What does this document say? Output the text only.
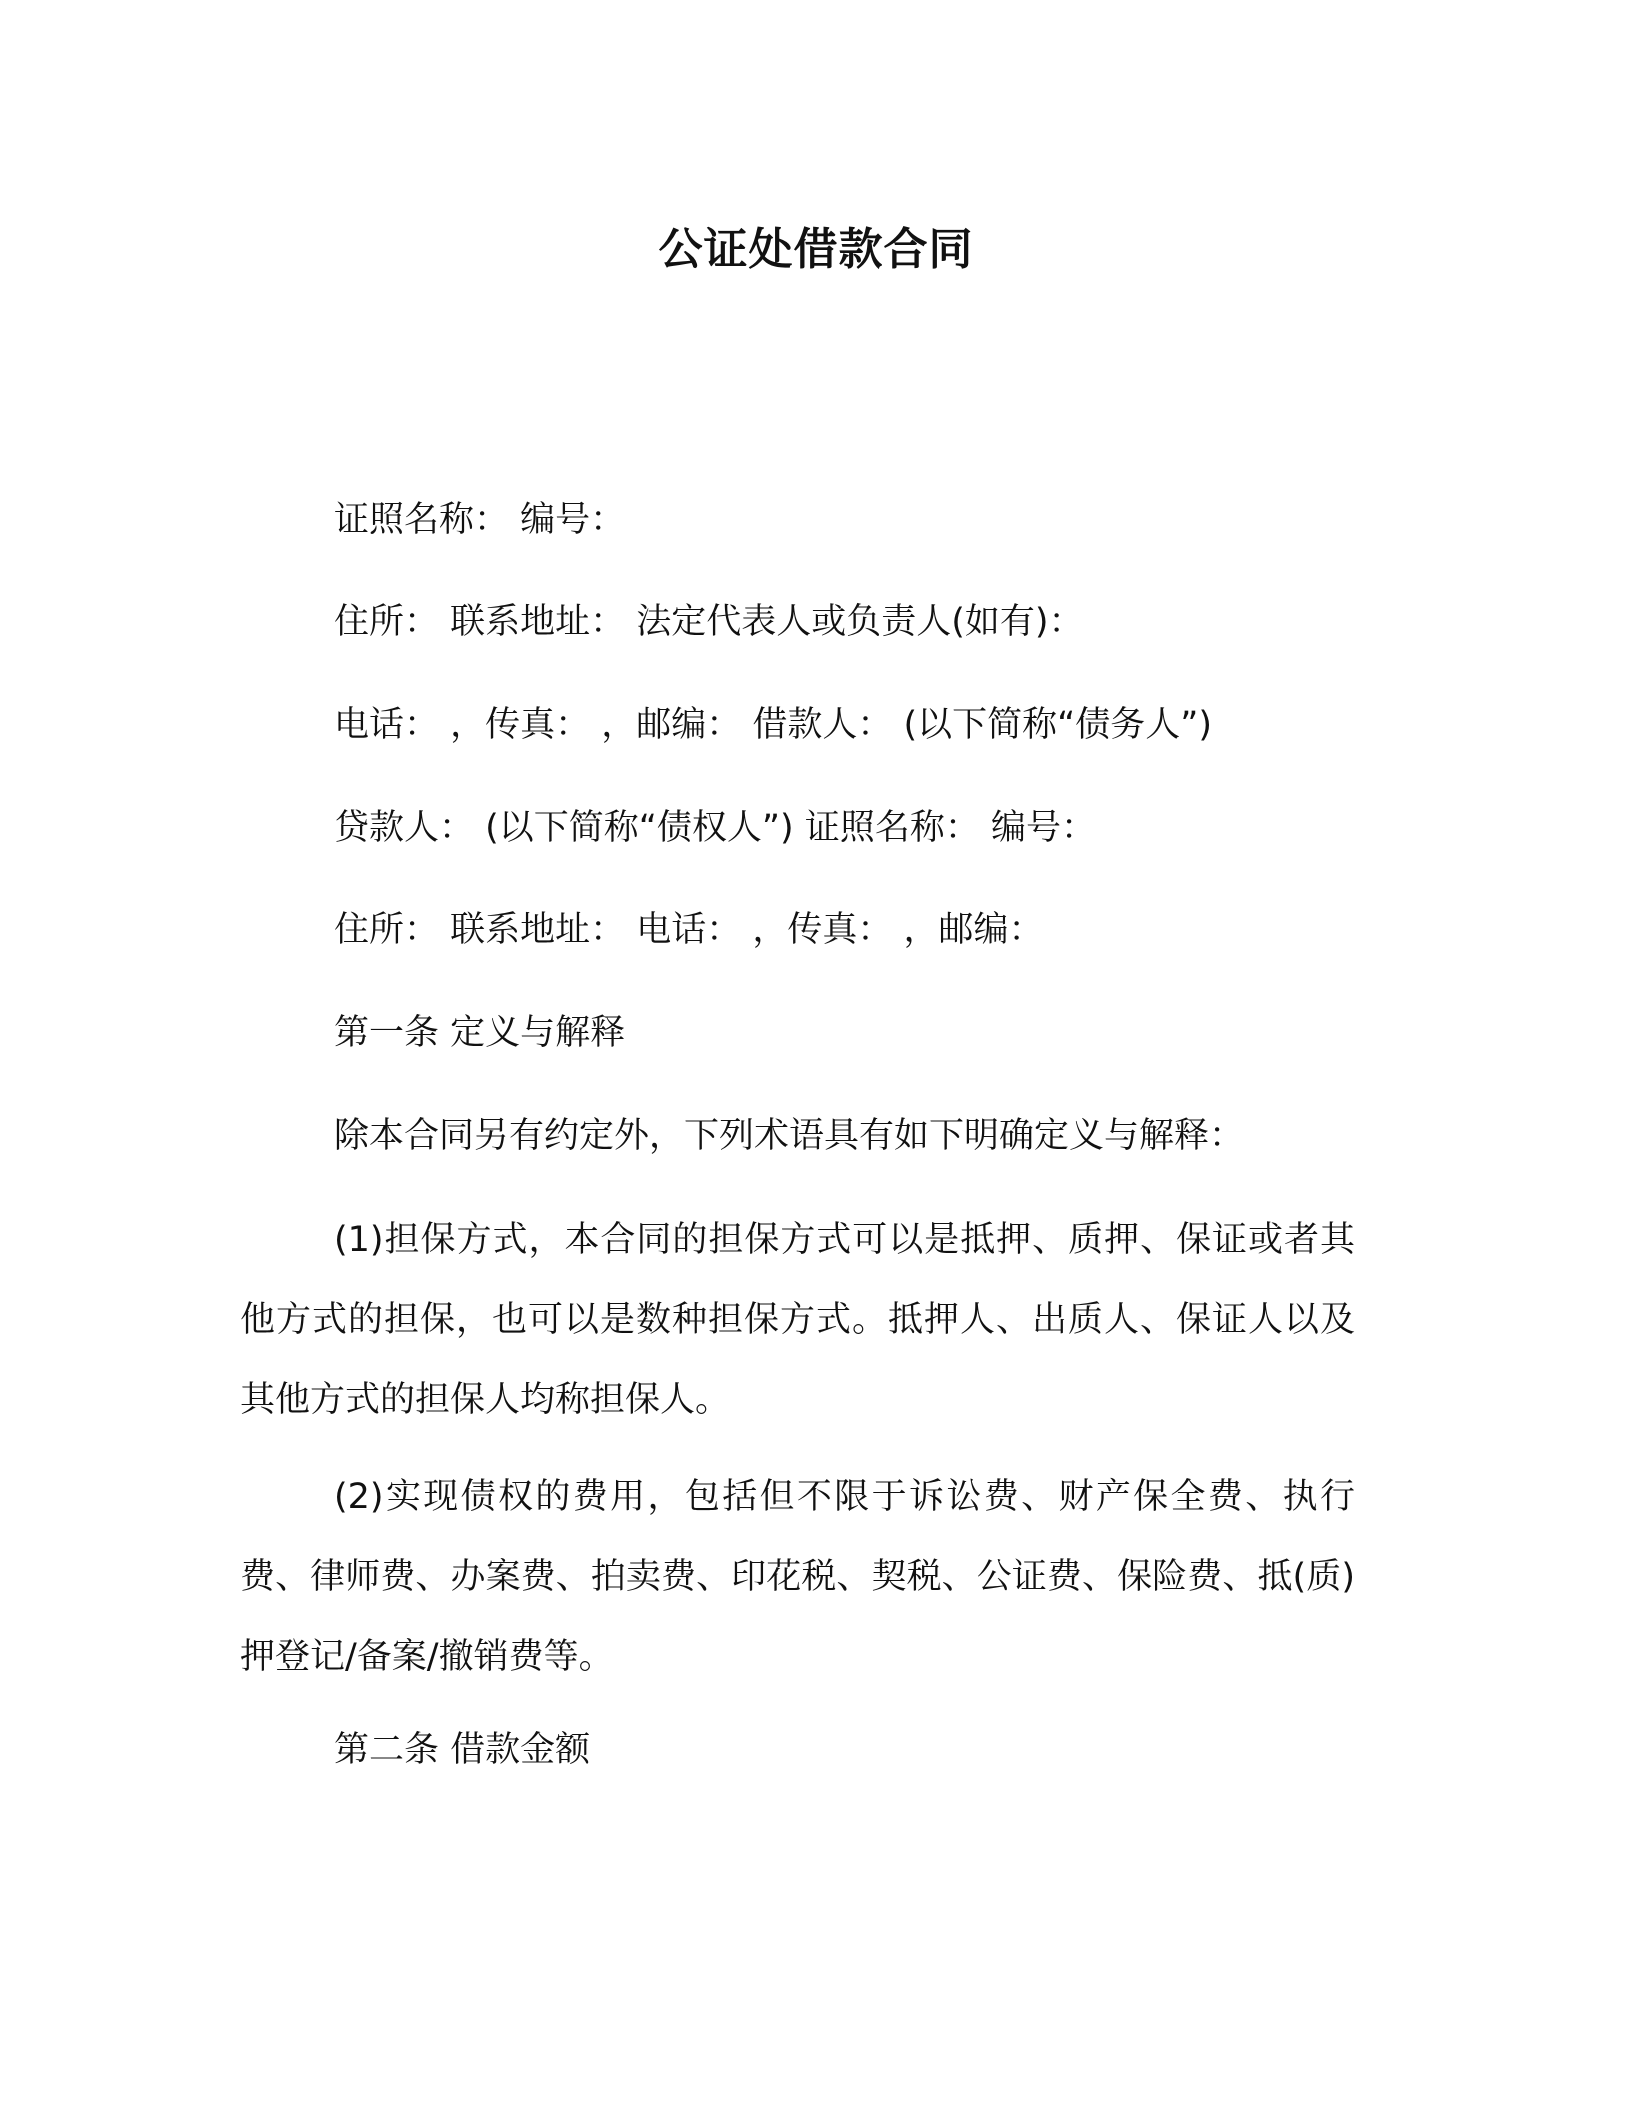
公证处借款合同
证照名称： 编号：
住所： 联系地址： 法定代表人或负责人(如有)：
电话： ，传真： ，邮编： 借款人： (以下简称“债务人”)
贷款人： (以下简称“债权人”) 证照名称： 编号：
住所： 联系地址： 电话： ，传真： ，邮编：
第一条 定义与解释
除本合同另有约定外，下列术语具有如下明确定义与解释：
(1)担保方式，本合同的担保方式可以是抵押、质押、保证或者其他方式的担保，也可以是数种担保方式。抵押人、出质人、保证人以及其他方式的担保人均称担保人。
(2)实现债权的费用，包括但不限于诉讼费、财产保全费、执行费、律师费、办案费、拍卖费、印花税、契税、公证费、保险费、抵(质)押登记/备案/撤销费等。
第二条 借款金额
